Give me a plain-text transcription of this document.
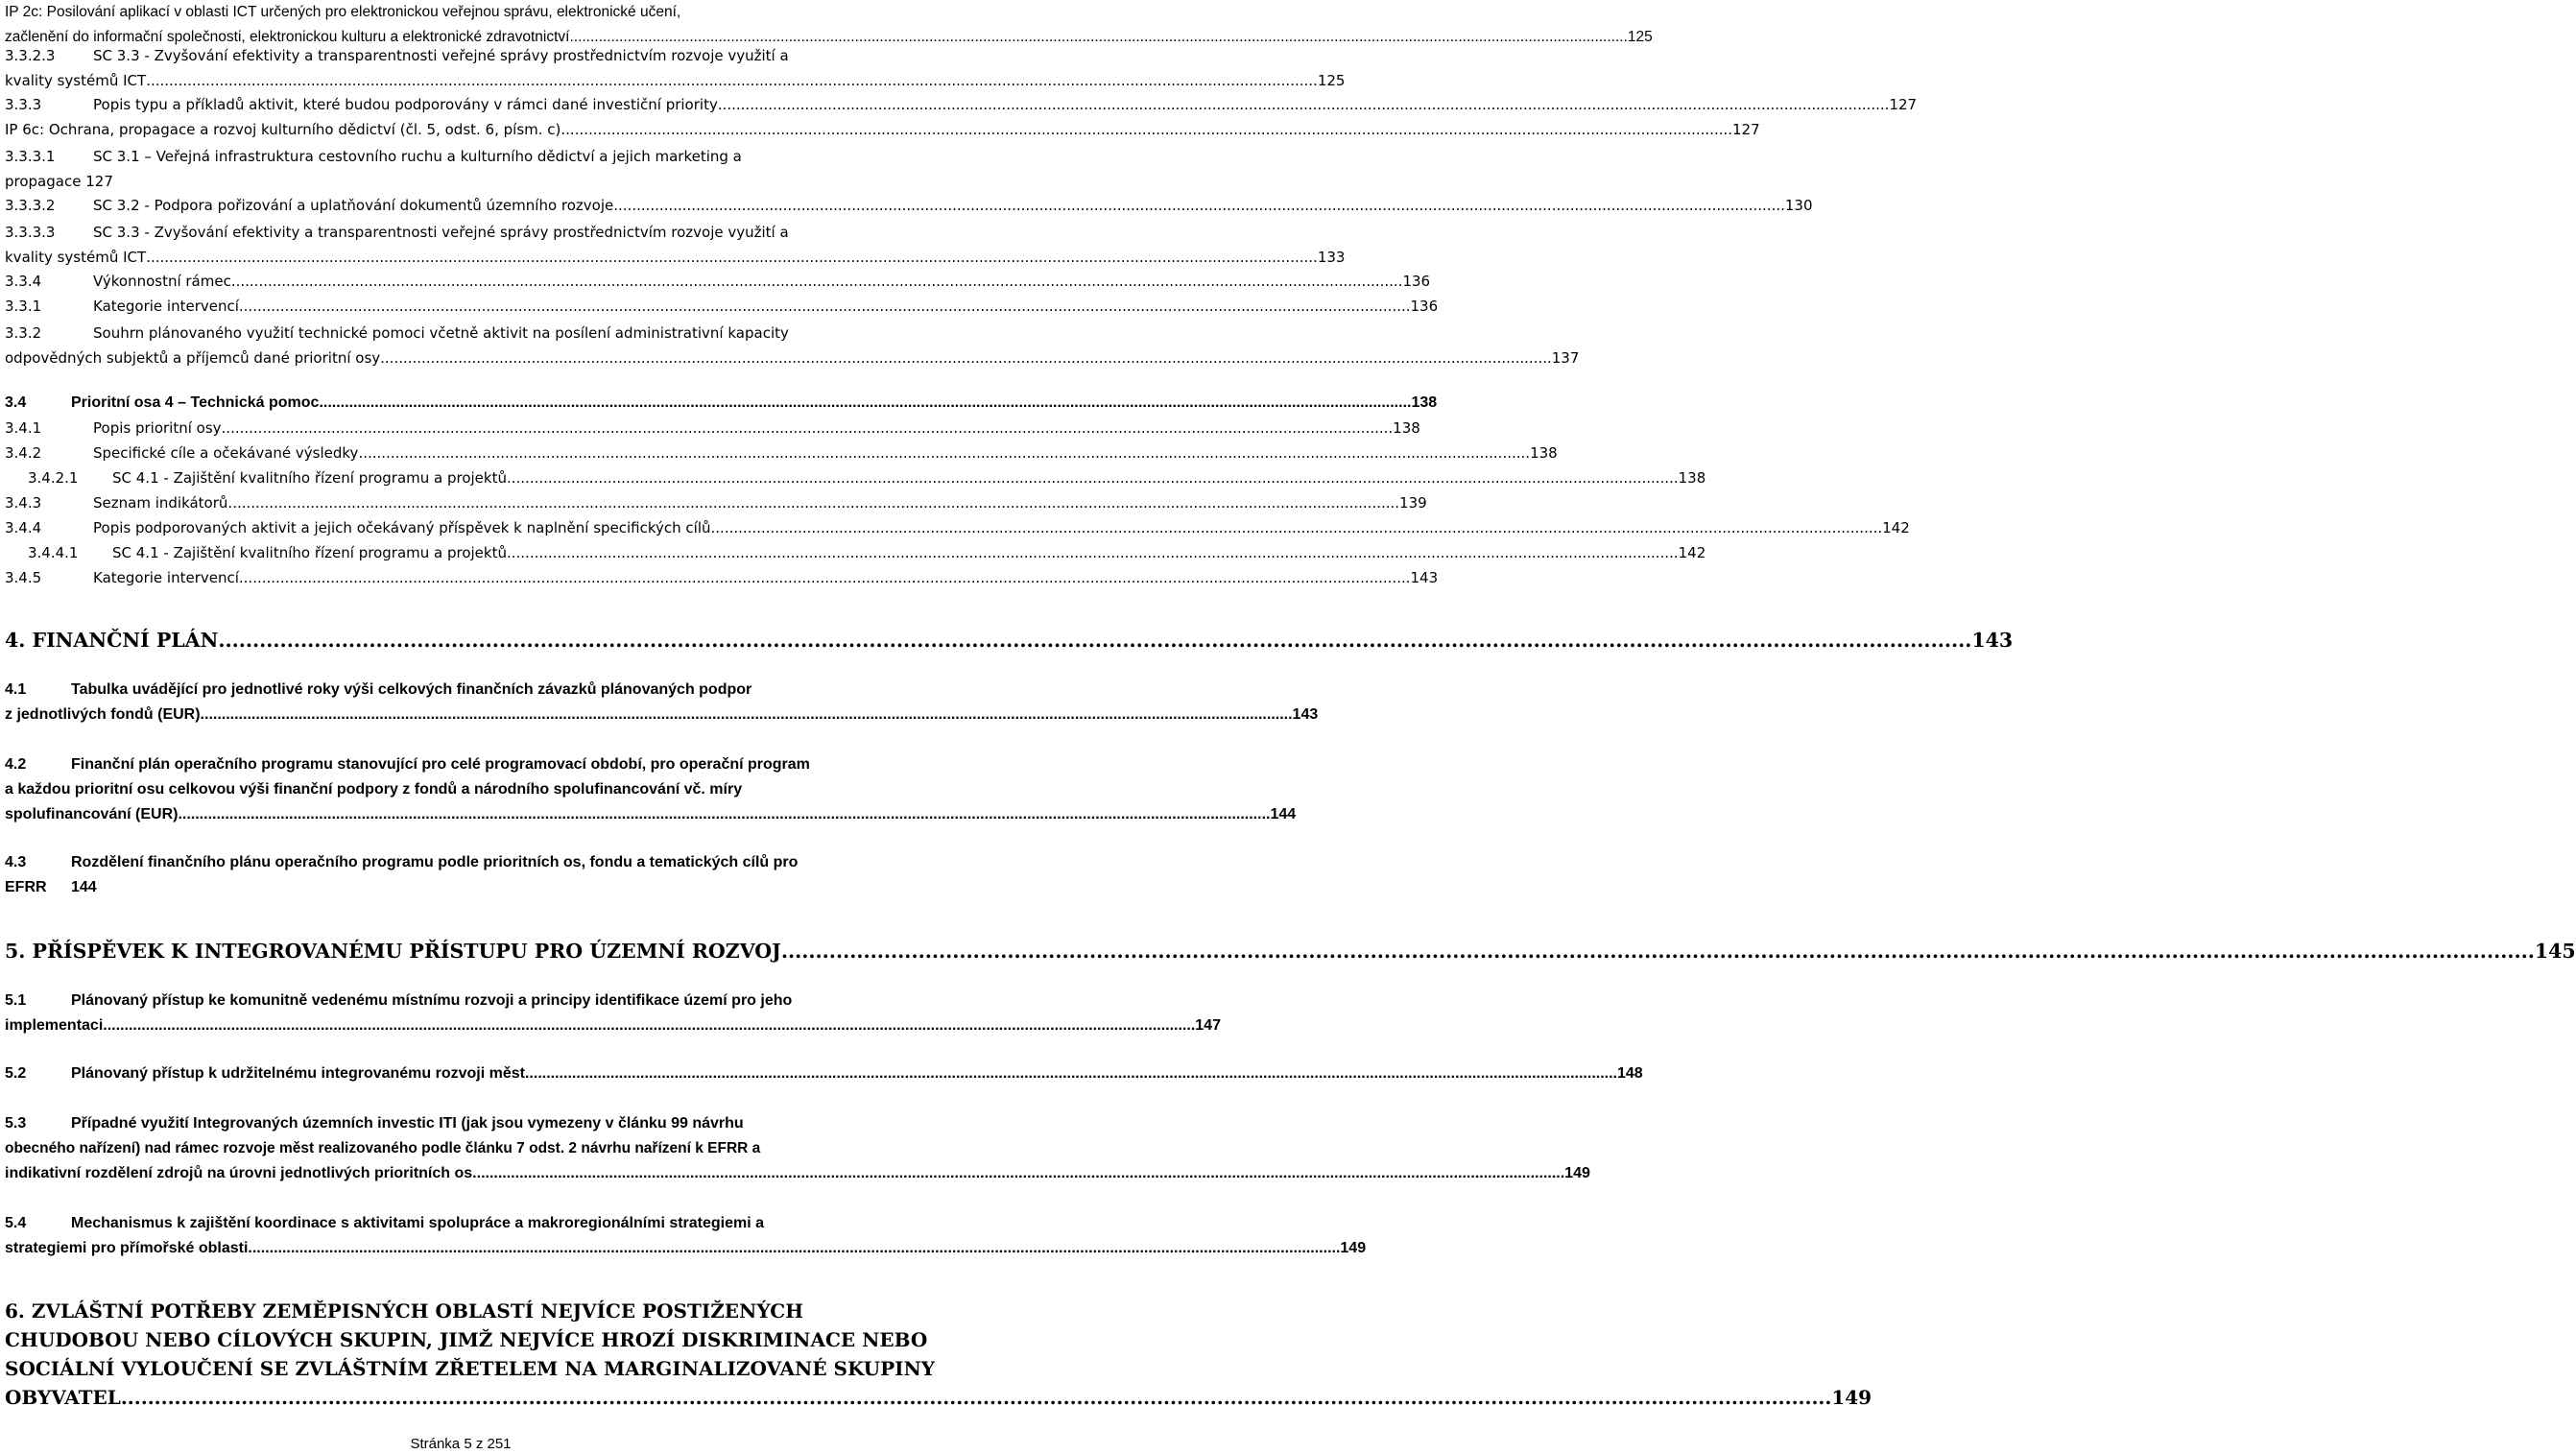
IP 2c: Posilování aplikací v oblasti ICT určených pro elektronickou veřejnou správu, elektronické učení,
začlenění do informační společnosti, elektronickou kulturu a elektronické zdravotnictví .....	125
3.3.2.3	SC 3.3 - Zvyšování efektivity a transparentnosti veřejné správy prostřednictvím rozvoje využití a
kvality systémů ICT .....	125
3.3.3	Popis typu a příkladů aktivit, které budou podporovány v rámci dané investiční priority .....	127
IP 6c: Ochrana, propagace a rozvoj kulturního dědictví (čl. 5, odst. 6, písm. c) .....	127
3.3.3.1	SC 3.1 – Veřejná infrastruktura cestovního ruchu a kulturního dědictví a jejich marketing a
propagace 127
3.3.3.2	SC 3.2 - Podpora pořizování a uplatňování dokumentů územního rozvoje .....	130
3.3.3.3	SC 3.3 - Zvyšování efektivity a transparentnosti veřejné správy prostřednictvím rozvoje využití a
kvality systémů ICT .....	133
3.3.4	Výkonnostní rámec .....	136
3.3.1	Kategorie intervencí .....	136
3.3.2	Souhrn plánovaného využití technické pomoci včetně aktivit na posílení administrativní kapacity
odpovědných subjektů a příjemců dané prioritní osy .....	137
3.4	Prioritní osa 4 – Technická pomoc .....	138
3.4.1	Popis prioritní osy .....	138
3.4.2	Specifické cíle a očekávané výsledky .....	138
3.4.2.1	SC 4.1 - Zajištění kvalitního řízení programu a projektů .....	138
3.4.3	Seznam indikátorů .....	139
3.4.4	Popis podporovaných aktivit a jejich očekávaný příspěvek k naplnění specifických cílů .....	142
3.4.4.1	SC 4.1 - Zajištění kvalitního řízení programu a projektů .....	142
3.4.5	Kategorie intervencí .....	143
4. FINANČNÍ PLÁN .....	143
4.1	Tabulka uvádějící pro jednotlivé roky výši celkových finančních závazků plánovaných podpor
z jednotlivých fondů (EUR) .....	143
4.2	Finanční plán operačního programu stanovující pro celé programovací období, pro operační program
a každou prioritní osu celkovou výši finanční podpory z fondů a národního spolufinancování vč. míry
spolufinancování (EUR) .....	144
4.3	Rozdělení finančního plánu operačního programu podle prioritních os, fondu a tematických cílů pro
EFRR 144
5. PŘÍSPĚVEK K INTEGROVANÉMU PŘÍSTUPU PRO ÚZEMNÍ ROZVOJ .....	145
5.1	Plánovaný přístup ke komunitně vedenému místnímu rozvoji a principy identifikace území pro jeho
implementaci .....	147
5.2	Plánovaný přístup k udržitelnému integrovanému rozvoji měst .....	148
5.3	Případné využití Integrovaných územních investic ITI (jak jsou vymezeny v článku 99 návrhu
obecného nařízení) nad rámec rozvoje měst realizovaného podle článku 7 odst. 2 návrhu nařízení k EFRR a
indikativní rozdělení zdrojů na úrovni jednotlivých prioritních os .....	149
5.4	Mechanismus k zajištění koordinace s aktivitami spolupráce a makroregionálními strategiemi a
strategiemi pro přímořské oblasti .....	149
6. ZVLÁŠTNÍ POTŘEBY ZEMĚPISNÝCH OBLASTÍ NEJVÍCE POSTIŽENÝCH
CHUDOBOU NEBO CÍLOVÝCH SKUPIN, JIMŽ NEJVÍCE HROZÍ DISKRIMINACE NEBO
SOCIÁLNÍ VYLOUČENÍ SE ZVLÁŠTNÍM ZŘETELEM NA MARGINALIZOVANÉ SKUPINY
OBYVATEL .....	149
Stránka 5 z 251
